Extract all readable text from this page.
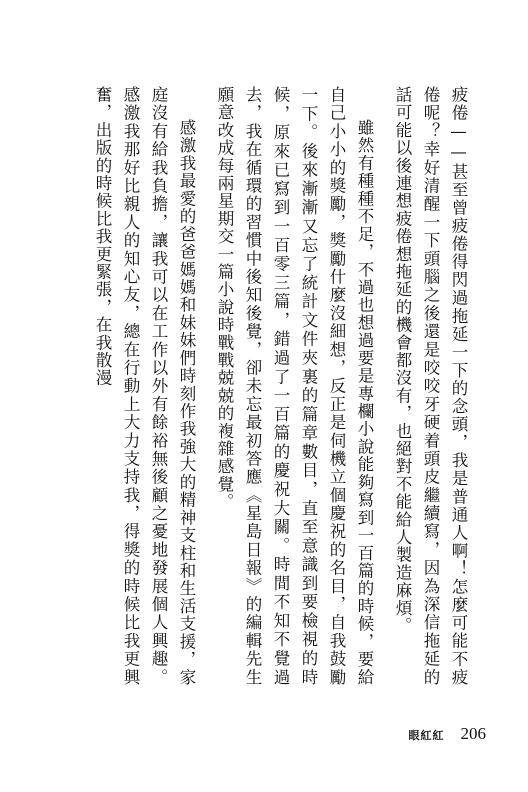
疲倦——甚至曾疲倦得閃過拖延一下的念頭，我是普通人啊！怎麼可能不疲倦呢？幸好清醒一下頭腦之後還是咬咬牙硬着頭皮繼續寫，因為深信拖延的話可能以後連想疲倦想拖延的機會都沒有，也絕對不能給人製造麻煩。

雖然有種種不足，不過也想過要是專欄小說能夠寫到一百篇的時候，要給自己小小的獎勵，獎勵什麼沒細想，反正是伺機立個慶祝的名目，自我鼓勵一下。後來漸漸又忘了統計文件夾裏的篇章數目，直至意識到要檢視的時候，原來已寫到一百零三篇，錯過了一百篇的慶祝大關。時間不知不覺過去，我在循環的習慣中後知後覺，卻未忘最初答應《星島日報》的編輯先生願意改成每兩星期交一篇小說時戰戰兢兢的複雜感覺。

感激我最愛的爸爸媽媽和妹妹們時刻作我強大的精神支柱和生活支援，家庭沒有給我負擔，讓我可以在工作以外有餘裕無後顧之憂地發展個人興趣。感激我那好比親人的知心友，總在行動上大力支持我，得獎的時候比我更興奮，出版的時候比我更緊張，在我散漫

眼紅紅 206
